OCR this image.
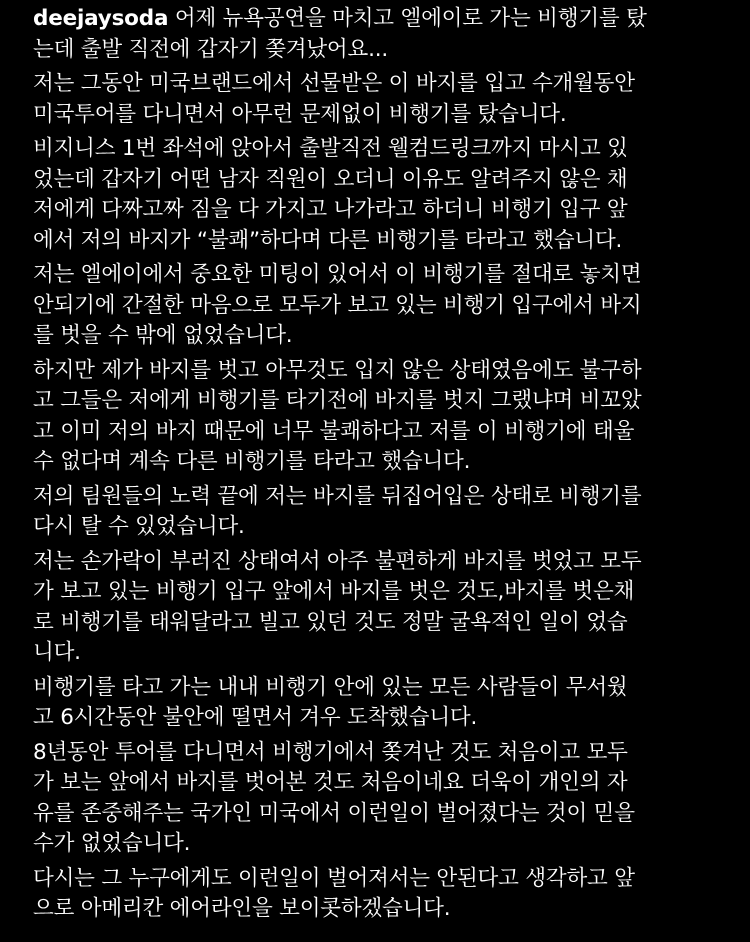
deejaysoda 어제 뉴욕공연을 마치고 엘에이로 가는 비행기를 탔
는데 출발 직전에 갑자기 쫒겨났어요...

저는 그동안 미국브랜드에서 선물받은 이 바지를 입고 수개월동안
미국투어를 다니면서 아무런 문제없이 비행기를 탔습니다.

비지니스 1번 좌석에 앉아서 출발직전 웰컴드링크까지 마시고 있
었는데 갑자기 어떤 남자 직원이 오더니 이유도 알려주지 않은 채
저에게 다짜고짜 짐을 다 가지고 나가라고 하더니 비행기 입구 앞
에서 저의 바지가 “불쾌”하다며 다른 비행기를 타라고 했습니다.

저는 엘에이에서 중요한 미팅이 있어서 이 비행기를 절대로 놓치면
안되기에 간절한 마음으로 모두가 보고 있는 비행기 입구에서 바지
를 벗을 수 밖에 없었습니다.

하지만 제가 바지를 벗고 아무것도 입지 않은 상태였음에도 불구하
고 그들은 저에게 비행기를 타기전에 바지를 벗지 그랬냐며 비꼬았
고 이미 저의 바지 때문에 너무 불쾌하다고 저를 이 비행기에 태울
수 없다며 계속 다른 비행기를 타라고 했습니다.

저의 팀원들의 노력 끝에 저는 바지를 뒤집어입은 상태로 비행기를
다시 탈 수 있었습니다.

저는 손가락이 부러진 상태여서 아주 불편하게 바지를 벗었고 모두
가 보고 있는 비행기 입구 앞에서 바지를 벗은 것도,바지를 벗은채
로 비행기를 태워달라고 빌고 있던 것도 정말 굴욕적인 일이 었습
니다.

비행기를 타고 가는 내내 비행기 안에 있는 모든 사람들이 무서웠
고 6시간동안 불안에 떨면서 겨우 도착했습니다.

8년동안 투어를 다니면서 비행기에서 쫒겨난 것도 처음이고 모두
가 보는 앞에서 바지를 벗어본 것도 처음이네요 더욱이 개인의 자
유를 존중해주는 국가인 미국에서 이런일이 벌어졌다는 것이 믿을
수가 없었습니다.

다시는 그 누구에게도 이런일이 벌어져서는 안된다고 생각하고 앞
으로 아메리칸 에어라인을 보이콧하겠습니다.
